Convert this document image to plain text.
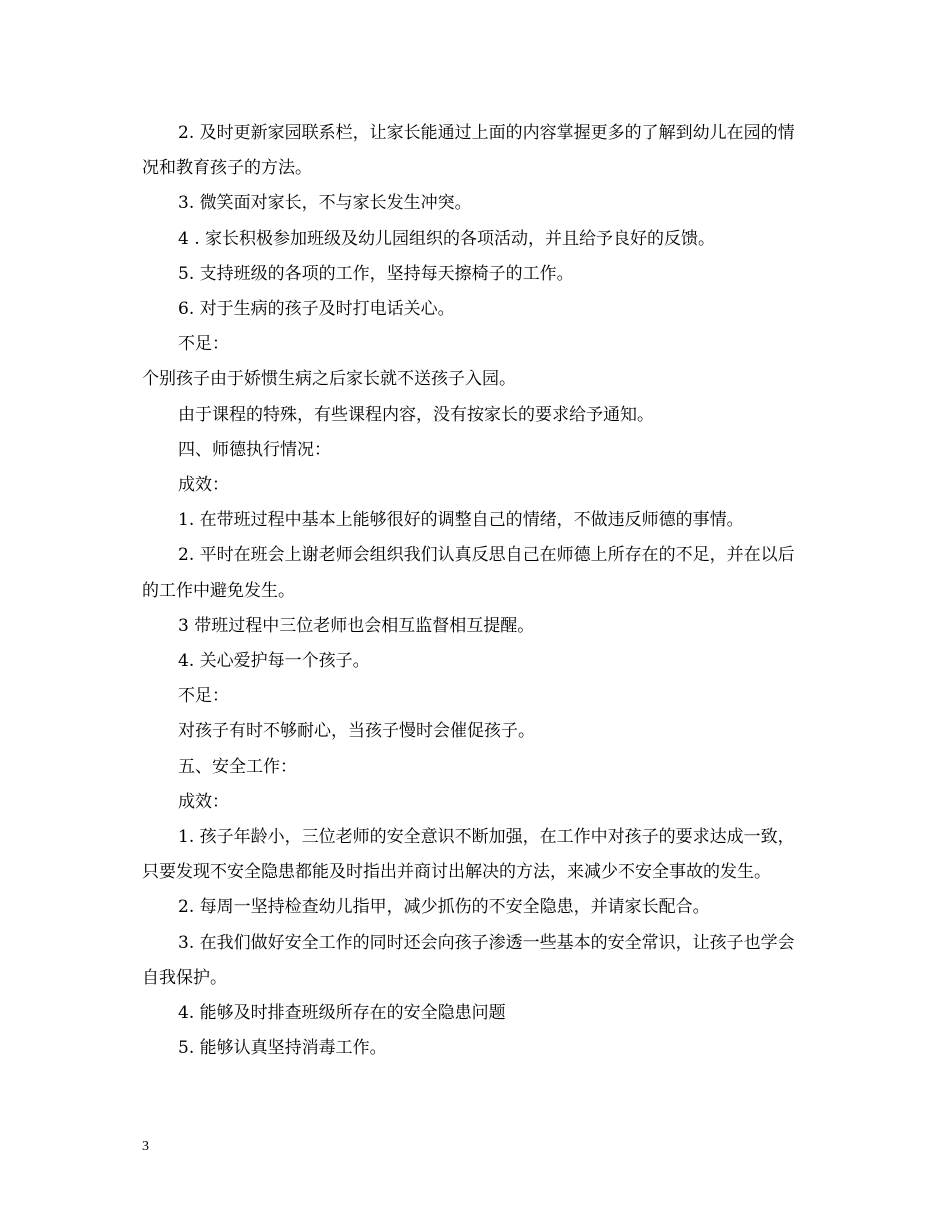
2. 及时更新家园联系栏，让家长能通过上面的内容掌握更多的了解到幼儿在园的情况和教育孩子的方法。

3. 微笑面对家长，不与家长发生冲突。

4 . 家长积极参加班级及幼儿园组织的各项活动，并且给予良好的反馈。

5. 支持班级的各项的工作，坚持每天擦椅子的工作。

6. 对于生病的孩子及时打电话关心。

不足：

个别孩子由于娇惯生病之后家长就不送孩子入园。

由于课程的特殊，有些课程内容，没有按家长的要求给予通知。

四、师德执行情况：

成效：

1. 在带班过程中基本上能够很好的调整自己的情绪，不做违反师德的事情。

2. 平时在班会上谢老师会组织我们认真反思自己在师德上所存在的不足，并在以后的工作中避免发生。

3 带班过程中三位老师也会相互监督相互提醒。

4. 关心爱护每一个孩子。

不足：

对孩子有时不够耐心，当孩子慢时会催促孩子。

五、安全工作：

成效：

1. 孩子年龄小，三位老师的安全意识不断加强，在工作中对孩子的要求达成一致，只要发现不安全隐患都能及时指出并商讨出解决的方法，来减少不安全事故的发生。

2. 每周一坚持检查幼儿指甲，减少抓伤的不安全隐患，并请家长配合。

3. 在我们做好安全工作的同时还会向孩子渗透一些基本的安全常识，让孩子也学会自我保护。

4. 能够及时排查班级所存在的安全隐患问题

5. 能够认真坚持消毒工作。

3
